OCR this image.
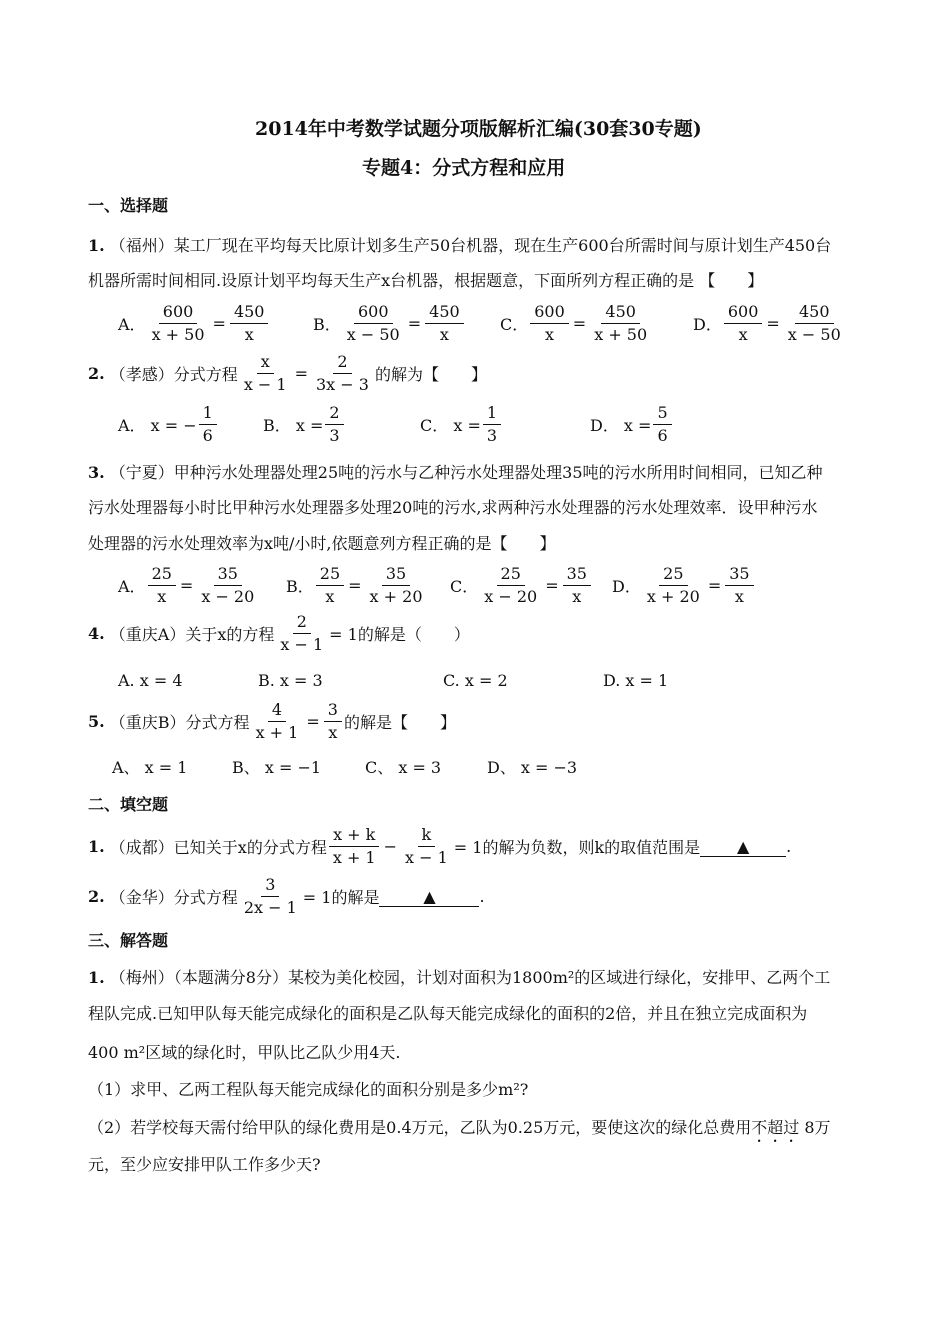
2014年中考数学试题分项版解析汇编(30套30专题)
专题4：分式方程和应用
一、选择题
1. （福州）某工厂现在平均每天比原计划多生产50台机器，现在生产600台所需时间与原计划生产450台
机器所需时间相同.设原计划平均每天生产x台机器，根据题意，下面所列方程正确的是 【　　】
A． $\frac{600}{x + 50} = \frac{450}{x}$	B． $\frac{600}{x - 50} = \frac{450}{x}$ C． $\frac{600}{x} = \frac{450}{x + 50}$	D． $\frac{600}{x} = \frac{450}{x - 50}$
2.
（孝感）分式方程 $\frac{x}{x - 1} = \frac{2}{3x - 3}$ 的解为【　　】
A． x = − $\frac{1}{6}$	B． $x = \frac{2}{3}$	C． $x = \frac{1}{3}$	D． $x = \frac{5}{6}$
3. （宁夏）甲种污水处理器处理25吨的污水与乙种污水处理器处理35吨的污水所用时间相同，已知乙种
污水处理器每小时比甲种污水处理器多处理20吨的污水,求两种污水处理器的污水处理效率．设甲种污水
处理器的污水处理效率为x吨/小时,依题意列方程正确的是【　　】
A． $\frac{25}{x} = \frac{35}{x - 20}$ B． $\frac{25}{x} = \frac{35}{x + 20}$ C． $\frac{25}{x - 20} = \frac{35}{x}$ D． $\frac{25}{x + 20} = \frac{35}{x}$
4.
（重庆A）关于x的方程 $\frac{2}{x - 1} = 1$的解是（　　）
A. x = 4	B. x = 3	C. x = 2	D. x = 1
5.
（重庆B）分式方程 $\frac{4}{x + 1} = \frac{3}{x}$ 的解是【　　】
A、 x = 1	B、 x = −1	C、 x = 3	D、 x = −3
二、填空题
1.
（成都）已知关于x的分式方程 $\frac{x + k}{x + 1} - \frac{k}{x - 1} = 1$的解为负数，则k的取值范围是	▲	.
2.
（金华）分式方程 $\frac{3}{2x - 1} = 1$的解是	▲	.
三、解答题
1. （梅州）（本题满分8分）某校为美化校园，计划对面积为1800m²的区域进行绿化，安排甲、乙两个工
程队完成.已知甲队每天能完成绿化的面积是乙队每天能完成绿化的面积的2倍，并且在独立完成面积为
400 m²区域的绿化时，甲队比乙队少用4天.
（1）求甲、乙两工程队每天能完成绿化的面积分别是多少m²?
（2）若学校每天需付给甲队的绿化费用是0.4万元，乙队为0.25万元，要使这次的绿化总费用不超过 8万
元，至少应安排甲队工作多少天?
